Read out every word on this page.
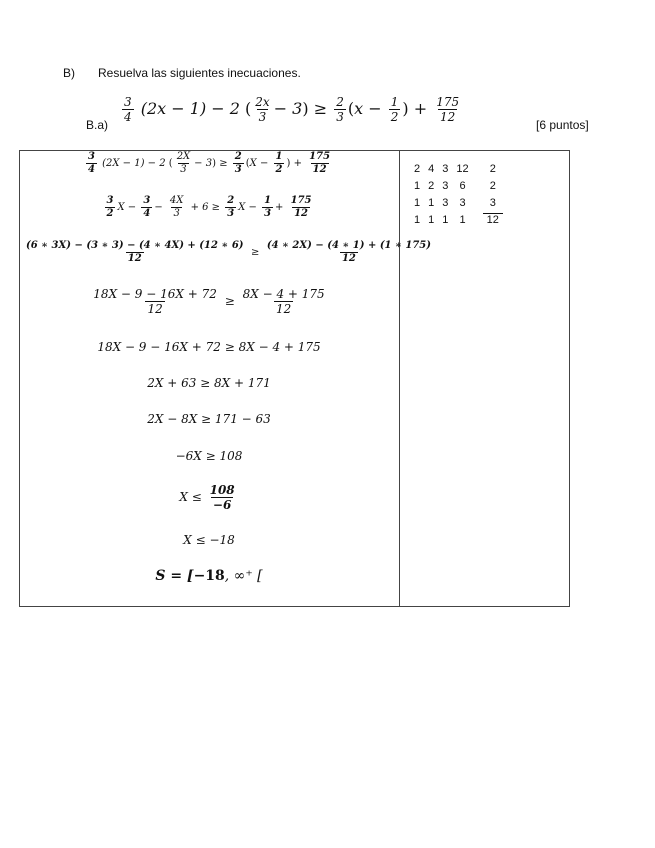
B) Resuelva las siguientes inecuaciones.
B.a)
$\frac{3}{4} (2x - 1) - 2$ ( $\frac{2x}{3} - 3) \ge \frac{2}{3} (x - \frac{1}{2}$ ) + $\frac{175}{12}$
[6 puntos]
$\frac{3}{4} (2X - 1) - 2$ ( $\frac{2X}{3} - 3) \ge \frac{2}{3} (X - \frac{1}{2}$ ) + $\frac{175}{12}$
$\frac{3}{2}$ $X - \frac{3}{4} - \frac{4X}{3} + 6 \ge \frac{2}{3}$ $X - \frac{1}{3} + \frac{175}{12}$
$\frac{(6 ∗ 3X) - (3 ∗ 3) - (4 ∗ 4X) + (12 ∗ 6)}{12} \ge \frac{(4 ∗ 2X) - (4 ∗ 1) + (1 ∗ 175)}{12}$
$\frac{18X - 9 - 16X + 72}{12} \ge \frac{8X - 4 + 175}{12}$
18X − 9 − 16X + 72 ≥ 8X − 4 + 175
2X + 63 ≥ 8X + 171
2X − 8X ≥ 171 − 63
−6X ≥ 108
$X \le \frac{108}{-6}$
X ≤ −18
S = [−18, ∞⁺ [
2	4	3	12	2
1	2	3	6	2
1	1	3	3	3
1	1	1	1	12
